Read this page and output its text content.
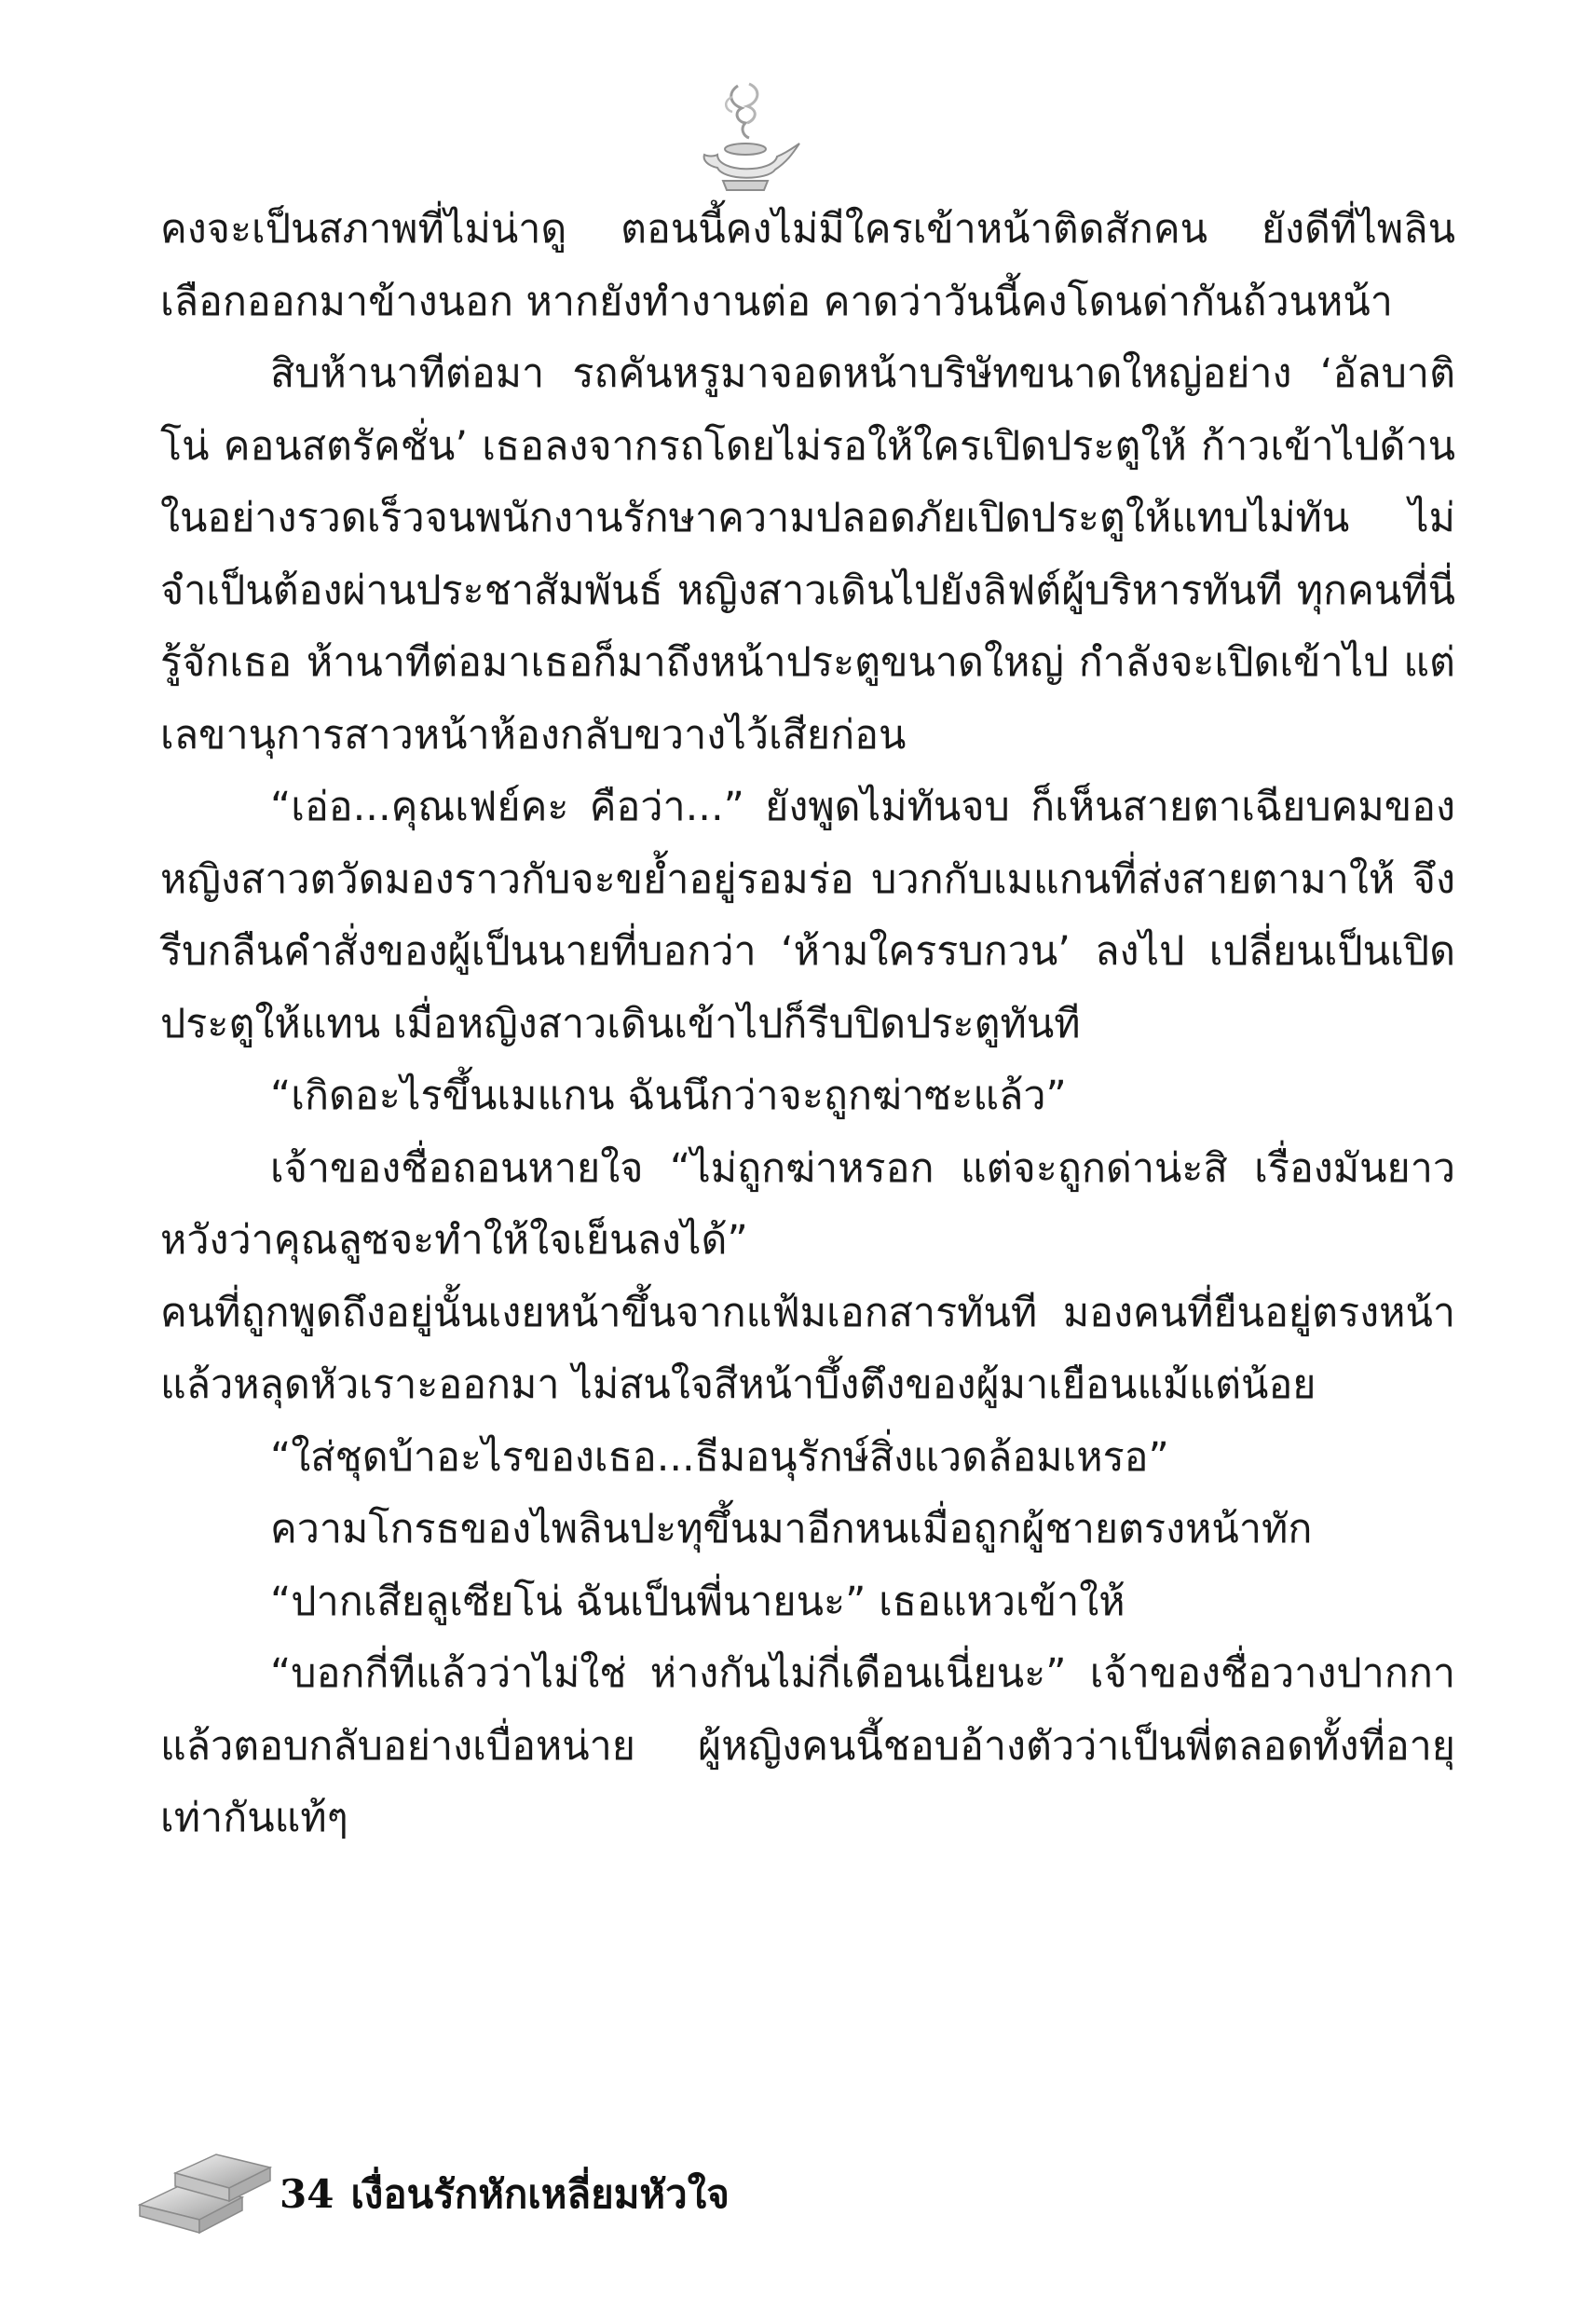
คงจะเป็นสภาพที่ไม่น่าดู ตอนนี้คงไม่มีใครเข้าหน้าติดสักคน ยังดีที่ไพลินเลือกออกมาข้างนอก หากยังทำงานต่อ คาดว่าวันนี้คงโดนด่ากันถ้วนหน้า

สิบห้านาทีต่อมา รถคันหรูมาจอดหน้าบริษัทขนาดใหญ่อย่าง ‘อัลบาติโน่ คอนสตรัคชั่น’ เธอลงจากรถโดยไม่รอให้ใครเปิดประตูให้ ก้าวเข้าไปด้านในอย่างรวดเร็วจนพนักงานรักษาความปลอดภัยเปิดประตูให้แทบไม่ทัน ไม่จำเป็นต้องผ่านประชาสัมพันธ์ หญิงสาวเดินไปยังลิฟต์ผู้บริหารทันที ทุกคนที่นี่รู้จักเธอ ห้านาทีต่อมาเธอก็มาถึงหน้าประตูขนาดใหญ่ กำลังจะเปิดเข้าไป แต่เลขานุการสาวหน้าห้องกลับขวางไว้เสียก่อน

“เอ่อ...คุณเฟย์คะ คือว่า...” ยังพูดไม่ทันจบ ก็เห็นสายตาเฉียบคมของหญิงสาวตวัดมองราวกับจะขย้ำอยู่รอมร่อ บวกกับเมแกนที่ส่งสายตามาให้ จึงรีบกลืนคำสั่งของผู้เป็นนายที่บอกว่า ‘ห้ามใครรบกวน’ ลงไป เปลี่ยนเป็นเปิดประตูให้แทน เมื่อหญิงสาวเดินเข้าไปก็รีบปิดประตูทันที

“เกิดอะไรขึ้นเมแกน ฉันนึกว่าจะถูกฆ่าซะแล้ว”

เจ้าของชื่อถอนหายใจ “ไม่ถูกฆ่าหรอก แต่จะถูกด่าน่ะสิ เรื่องมันยาว หวังว่าคุณลูซจะทำให้ใจเย็นลงได้”

คนที่ถูกพูดถึงอยู่นั้นเงยหน้าขึ้นจากแฟ้มเอกสารทันที มองคนที่ยืนอยู่ตรงหน้าแล้วหลุดหัวเราะออกมา ไม่สนใจสีหน้าบึ้งตึงของผู้มาเยือนแม้แต่น้อย

“ใส่ชุดบ้าอะไรของเธอ...ธีมอนุรักษ์สิ่งแวดล้อมเหรอ”

ความโกรธของไพลินปะทุขึ้นมาอีกหนเมื่อถูกผู้ชายตรงหน้าทัก

“ปากเสียลูเซียโน่ ฉันเป็นพี่นายนะ” เธอแหวเข้าให้

“บอกกี่ทีแล้วว่าไม่ใช่ ห่างกันไม่กี่เดือนเนี่ยนะ” เจ้าของชื่อวางปากกาแล้วตอบกลับอย่างเบื่อหน่าย ผู้หญิงคนนี้ชอบอ้างตัวว่าเป็นพี่ตลอดทั้งที่อายุเท่ากันแท้ๆ

34 เงื่อนรักหักเหลี่ยมหัวใจ
